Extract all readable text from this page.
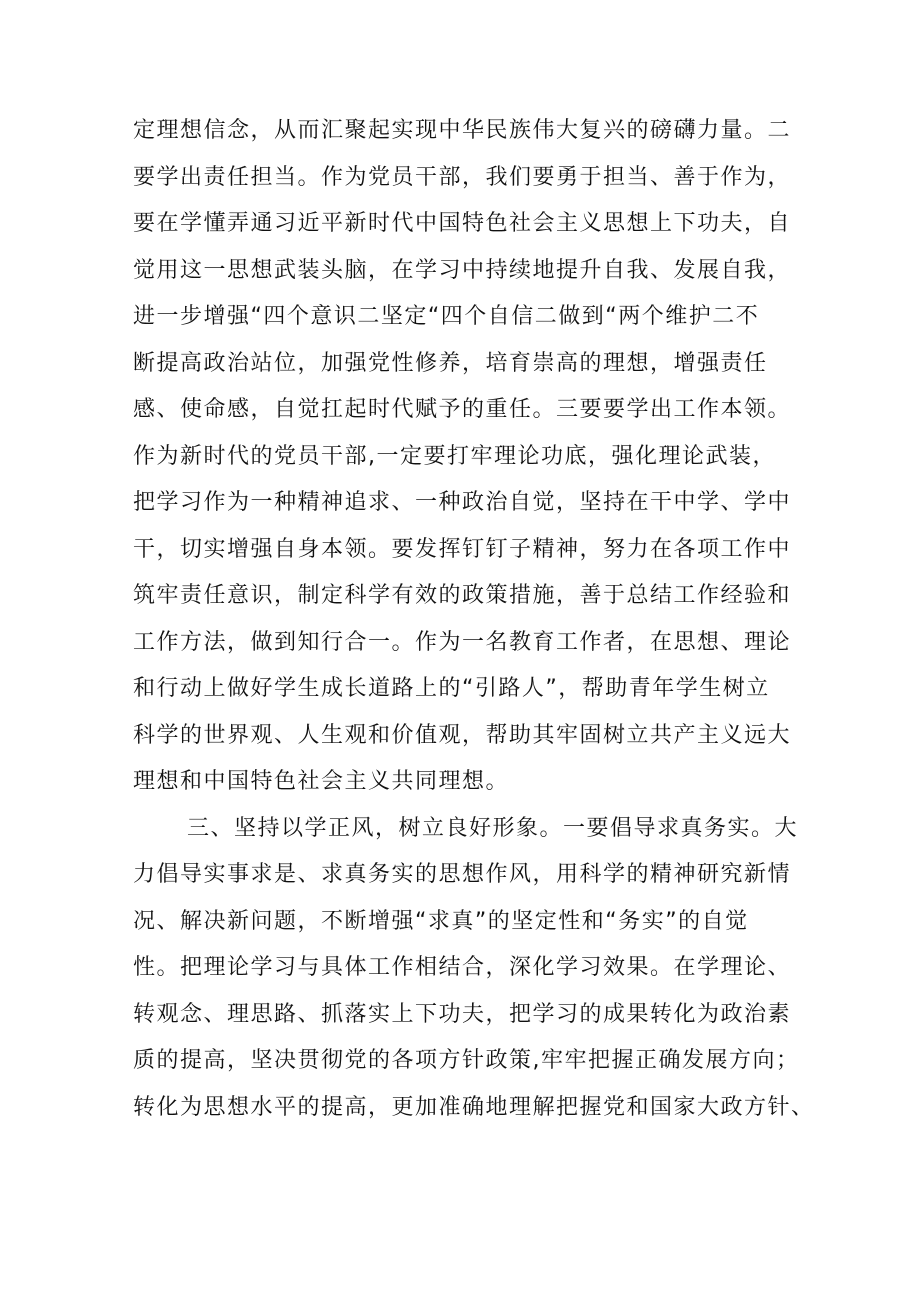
定理想信念，从而汇聚起实现中华民族伟大复兴的磅礴力量。二
要学出责任担当。作为党员干部，我们要勇于担当、善于作为，
要在学懂弄通习近平新时代中国特色社会主义思想上下功夫，自
觉用这一思想武装头脑，在学习中持续地提升自我、发展自我，
进一步增强“四个意识二坚定“四个自信二做到“两个维护二不
断提高政治站位，加强党性修养，培育崇高的理想，增强责任
感、使命感，自觉扛起时代赋予的重任。三要要学出工作本领。
作为新时代的党员干部,一定要打牢理论功底，强化理论武装，
把学习作为一种精神追求、一种政治自觉，坚持在干中学、学中
干，切实增强自身本领。要发挥钉钉子精神，努力在各项工作中
筑牢责任意识，制定科学有效的政策措施，善于总结工作经验和
工作方法，做到知行合一。作为一名教育工作者，在思想、理论
和行动上做好学生成长道路上的“引路人”，帮助青年学生树立
科学的世界观、人生观和价值观，帮助其牢固树立共产主义远大
理想和中国特色社会主义共同理想。
三、坚持以学正风，树立良好形象。一要倡导求真务实。大
力倡导实事求是、求真务实的思想作风，用科学的精神研究新情
况、解决新问题，不断增强“求真”的坚定性和“务实”的自觉
性。把理论学习与具体工作相结合，深化学习效果。在学理论、
转观念、理思路、抓落实上下功夫，把学习的成果转化为政治素
质的提高，坚决贯彻党的各项方针政策,牢牢把握正确发展方向；
转化为思想水平的提高，更加准确地理解把握党和国家大政方针、
